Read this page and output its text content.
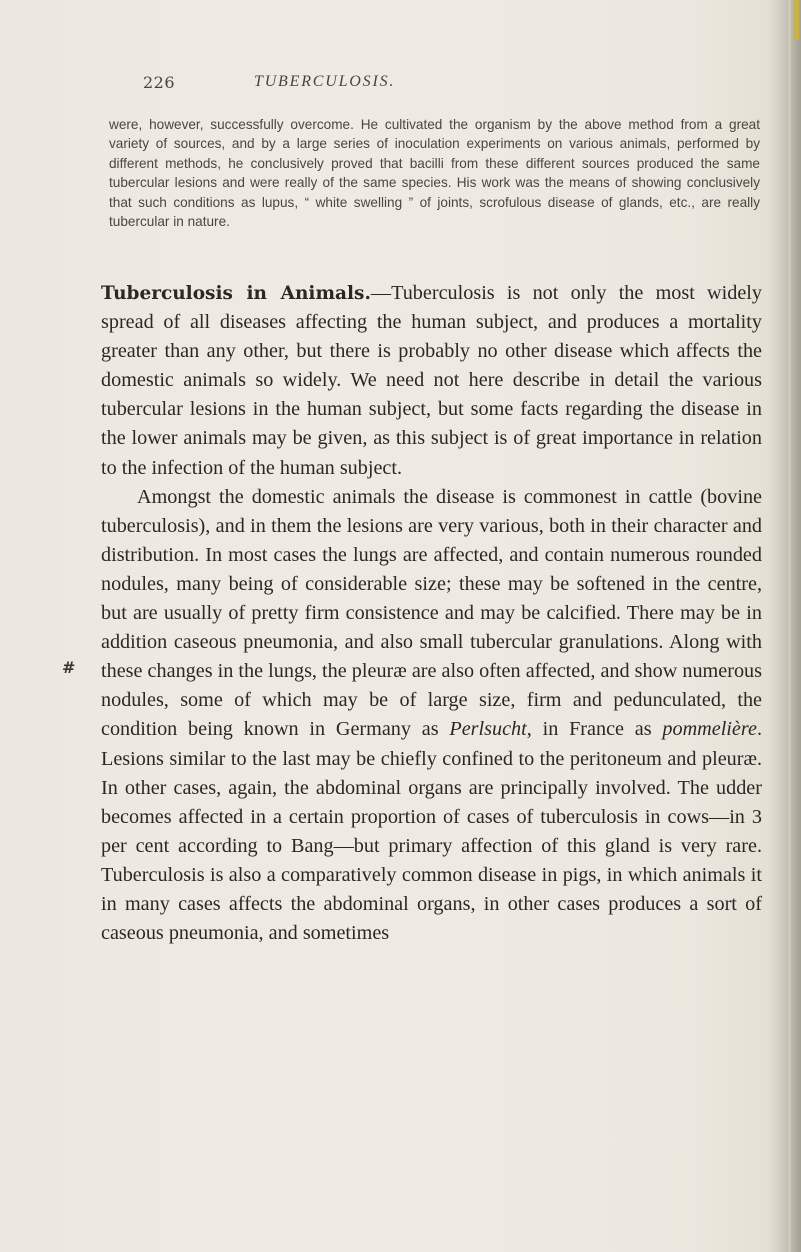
226	TUBERCULOSIS.
were, however, successfully overcome. He cultivated the organism by the above method from a great variety of sources, and by a large series of inoculation experiments on various animals, performed by different methods, he conclusively proved that bacilli from these different sources produced the same tubercular lesions and were really of the same species. His work was the means of showing conclusively that such conditions as lupus, “ white swelling ” of joints, scrofulous disease of glands, etc., are really tubercular in nature.

Tuberculosis in Animals.—Tuberculosis is not only the most widely spread of all diseases affecting the human subject, and produces a mortality greater than any other, but there is probably no other disease which affects the domestic animals so widely. We need not here describe in detail the various tubercular lesions in the human subject, but some facts regarding the disease in the lower animals may be given, as this subject is of great importance in relation to the infection of the human subject.

Amongst the domestic animals the disease is commonest in cattle (bovine tuberculosis), and in them the lesions are very various, both in their character and distribution. In most cases the lungs are affected, and contain numerous rounded nodules, many being of considerable size; these may be softened in the centre, but are usually of pretty firm consistence and may be calcified. There may be in addition caseous pneumonia, and also small tubercular granulations. Along with these changes in the lungs, the pleuræ are also often affected, and show numerous nodules, some of which may be of large size, firm and pedunculated, the condition being known in Germany as Perlsucht, in France as pommelière. Lesions similar to the last may be chiefly confined to the peritoneum and pleuræ. In other cases, again, the abdominal organs are principally involved. The udder becomes affected in a certain proportion of cases of tuberculosis in cows—in 3 per cent according to Bang—but primary affection of this gland is very rare. Tuberculosis is also a comparatively common disease in pigs, in which animals it in many cases affects the abdominal organs, in other cases produces a sort of caseous pneumonia, and sometimes

#
